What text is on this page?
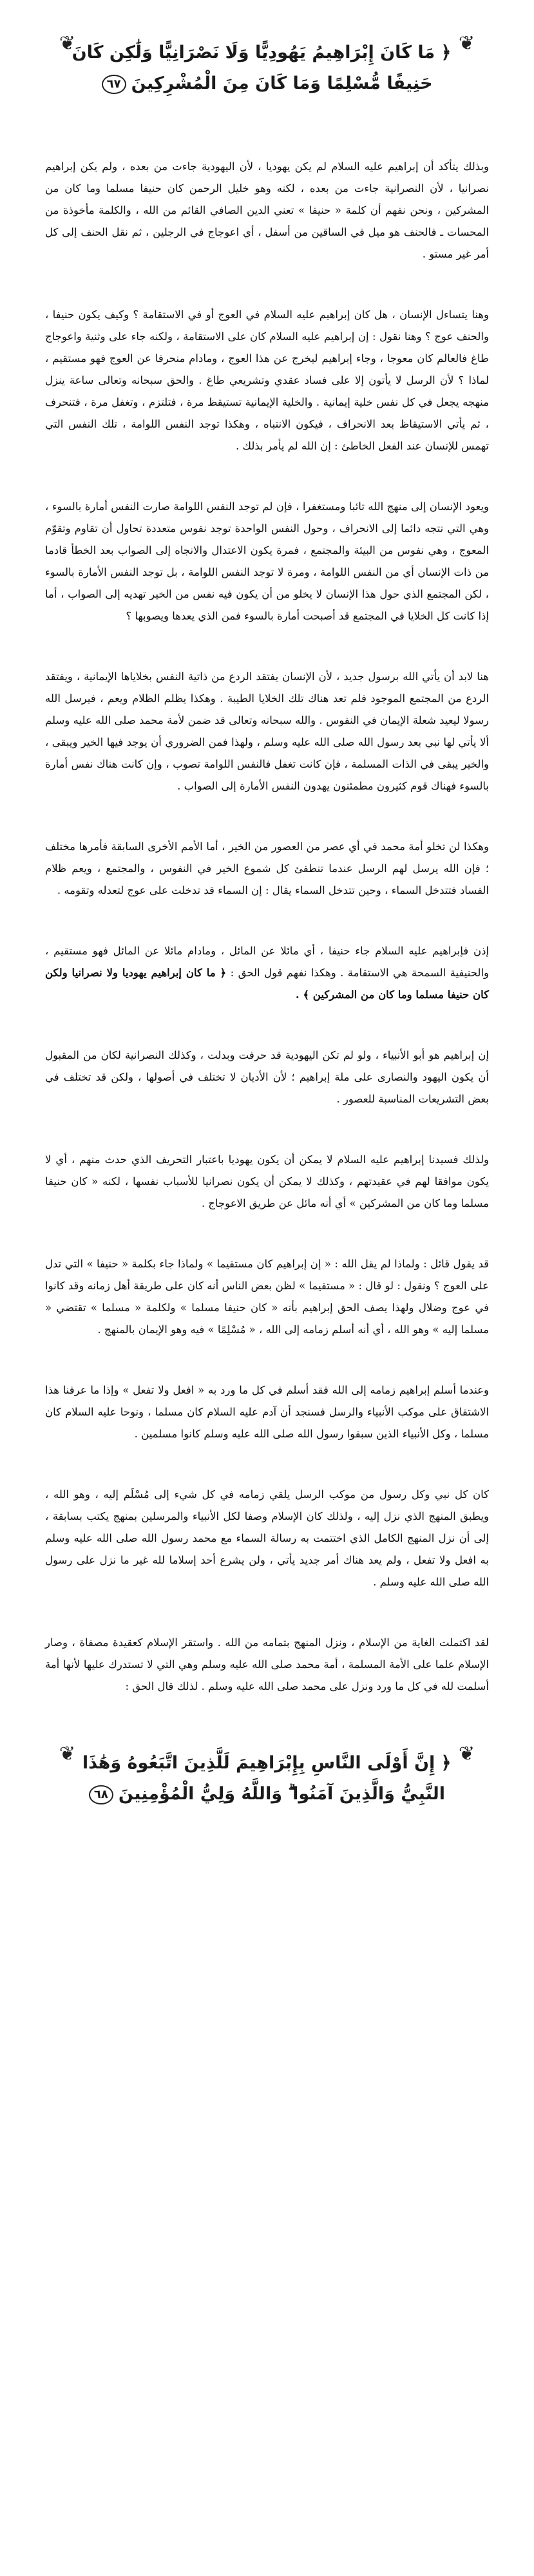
❦
❦
﴿ مَا كَانَ إِبْرَاهِيمُ يَهُودِيًّا وَلَا نَصْرَانِيًّا وَلَٰكِن كَانَ
حَنِيفًا مُّسْلِمًا وَمَا كَانَ مِنَ الْمُشْرِكِينَ٦٧

وبذلك يتأكد أن إبراهيم عليه السلام لم يكن يهوديا ، لأن اليهودية جاءت من بعده ، ولم يكن إبراهيم نصرانيا ، لأن النصرانية جاءت من بعده ، لكنه وهو خليل الرحمن كان حنيفا مسلما وما كان من المشركين ، ونحن نفهم أن كلمة « حنيفا » تعني الدين الصافي القائم من الله ، والكلمة مأخوذة من المحسات ـ فالحنف هو ميل في الساقين من أسفل ، أي اعوجاج في الرجلين ، ثم نقل الحنف إلى كل أمر غير مستو .

وهنا يتساءل الإنسان ، هل كان إبراهيم عليه السلام في العوج أو في الاستقامة ؟ وكيف يكون حنيفا ، والحنف عوج ؟ وهنا نقول : إن إبراهيم عليه السلام كان على الاستقامة ، ولكنه جاء على وثنية واعوجاج طاغ فالعالم كان معوجا ، وجاء إبراهيم ليخرج عن هذا العوج ، ومادام منحرفا عن العوج فهو مستقيم ، لماذا ؟ لأن الرسل لا يأتون إلا على فساد عقدي وتشريعي طاغ . والحق سبحانه وتعالى ساعة ينزل منهجه يجعل في كل نفس خلية إيمانية . والخلية الإيمانية تستيقظ مرة ، فتلتزم ، وتغفل مرة ، فتنحرف ، ثم يأتي الاستيقاظ بعد الانحراف ، فيكون الانتباه ، وهكذا توجد النفس اللوامة ، تلك النفس التي تهمس للإنسان عند الفعل الخاطئ : إن الله لم يأمر بذلك .

ويعود الإنسان إلى منهج الله تائبا ومستغفرا ، فإن لم توجد النفس اللوامة صارت النفس أمارة بالسوء ، وهي التي تتجه دائما إلى الانحراف ، وحول النفس الواحدة توجد نفوس متعددة تحاول أن تقاوم وتقوّم المعوج ، وهي نفوس من البيئة والمجتمع ، فمرة يكون الاعتدال والانجاه إلى الصواب بعد الخطأ قادما من ذات الإنسان أي من النفس اللوامة ، ومرة لا توجد النفس اللوامة ، بل توجد النفس الأمارة بالسوء ، لكن المجتمع الذي حول هذا الإنسان لا يخلو من أن يكون فيه نفس من الخير تهديه إلى الصواب ، أما إذا كانت كل الخلايا في المجتمع قد أصبحت أمارة بالسوء فمن الذي يعدها ويصوبها ؟

هنا لابد أن يأتي الله برسول جديد ، لأن الإنسان يفتقد الردع من ذاتية النفس بخلاياها الإيمانية ، ويفتقد الردع من المجتمع الموجود فلم تعد هناك تلك الخلايا الطيبة . وهكذا يظلم الظلام ويعم ، فيرسل الله رسولا ليعيد شعلة الإيمان في النفوس . والله سبحانه وتعالى قد ضمن لأمة محمد صلى الله عليه وسلم ألا يأتي لها نبي بعد رسول الله صلى الله عليه وسلم ، ولهذا فمن الضروري أن يوجد فيها الخير ويبقى ، والخير يبقى في الذات المسلمة ، فإن كانت تغفل فالنفس اللوامة تصوب ، وإن كانت هناك نفس أمارة بالسوء فهناك قوم كثيرون مطمئنون يهدون النفس الأمارة إلى الصواب .

وهكذا لن تخلو أمة محمد في أي عصر من العصور من الخير ، أما الأمم الأخرى السابقة فأمرها مختلف ؛ فإن الله يرسل لهم الرسل عندما تنطفئ كل شموع الخير في النفوس ، والمجتمع ، ويعم ظلام الفساد فتتدخل السماء ، وحين تتدخل السماء يقال : إن السماء قد تدخلت على عوج لتعدله وتقومه .

إذن فإبراهيم عليه السلام جاء حنيفا ، أي مائلا عن المائل ، ومادام مائلا عن المائل فهو مستقيم ، والحنيفية السمحة هي الاستقامة . وهكذا نفهم قول الحق : ﴿ ما كان إبراهيم يهوديا ولا نصرانيا ولكن كان حنيفا مسلما وما كان من المشركين ﴾ .

إن إبراهيم هو أبو الأنبياء ، ولو لم تكن اليهودية قد حرفت وبدلت ، وكذلك النصرانية لكان من المقبول أن يكون اليهود والنصارى على ملة إبراهيم ؛ لأن الأديان لا تختلف في أصولها ، ولكن قد تختلف في بعض التشريعات المناسبة للعصور .

ولذلك فسيدنا إبراهيم عليه السلام لا يمكن أن يكون يهوديا باعتبار التحريف الذي حدث منهم ، أي لا يكون موافقا لهم في عقيدتهم ، وكذلك لا يمكن أن يكون نصرانيا للأسباب نفسها ، لكنه « كان حنيفا مسلما وما كان من المشركين » أي أنه مائل عن طريق الاعوجاج .

قد يقول قائل : ولماذا لم يقل الله : « إن إبراهيم كان مستقيما » ولماذا جاء بكلمة « حنيفا » التي تدل على العوج ؟ ونقول : لو قال : « مستقيما » لظن بعض الناس أنه كان على طريقة أهل زمانه وقد كانوا في عوج وضلال ولهذا يصف الحق إبراهيم بأنه « كان حنيفا مسلما » ولكلمة « مسلما » تقتضي « مسلما إليه » وهو الله ، أي أنه أسلم زمامه إلى الله ، « مُسْلِمًا » فيه وهو الإيمان بالمنهج .

وعندما أسلم إبراهيم زمامه إلى الله فقد أسلم في كل ما ورد به « افعل ولا تفعل » وإذا ما عرفنا هذا الاشتقاق على موكب الأنبياء والرسل فسنجد أن آدم عليه السلام كان مسلما ، ونوحا عليه السلام كان مسلما ، وكل الأنبياء الذين سبقوا رسول الله صلى الله عليه وسلم كانوا مسلمين .

كان كل نبي وكل رسول من موكب الرسل يلقي زمامه في كل شيء إلى مُسْلَم إليه ، وهو الله ، ويطبق المنهج الذي نزل إليه ، ولذلك كان الإسلام وصفا لكل الأنبياء والمرسلين بمنهج يكتب بسابقة ، إلى أن نزل المنهج الكامل الذي اختتمت به رسالة السماء مع محمد رسول الله صلى الله عليه وسلم به افعل ولا تفعل ، ولم يعد هناك أمر جديد يأتي ، ولن يشرع أحد إسلاما لله غير ما نزل على رسول الله صلى الله عليه وسلم .

لقد اكتملت الغاية من الإسلام ، ونزل المنهج بتمامه من الله . واستقر الإسلام كعقيدة مصفاة ، وصار الإسلام علما على الأمة المسلمة ، أمة محمد صلى الله عليه وسلم وهي التي لا تستدرك عليها لأنها أمة أسلمت لله في كل ما ورد ونزل على محمد صلى الله عليه وسلم . لذلك قال الحق :

❦
❦ ﴿ إِنَّ أَوْلَى النَّاسِ بِإِبْرَاهِيمَ لَلَّذِينَ اتَّبَعُوهُ وَهَٰذَا
النَّبِيُّ وَالَّذِينَ آمَنُوا ۗ وَاللَّهُ وَلِيُّ الْمُؤْمِنِينَ٦٨
